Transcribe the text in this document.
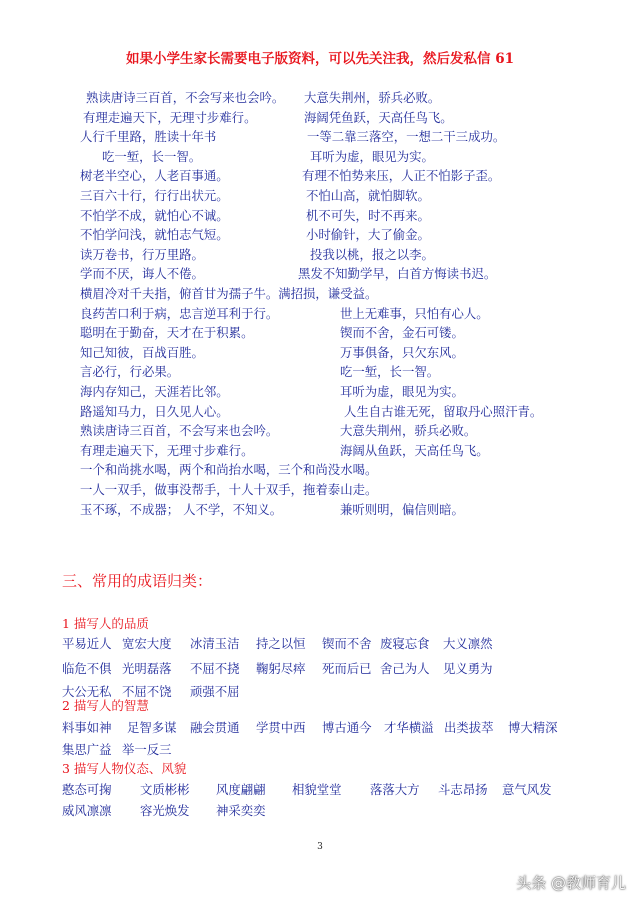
如果小学生家长需要电子版资料，可以先关注我，然后发私信 61
熟读唐诗三百首，不会写来也会吟。 大意失荆州，骄兵必败。
有理走遍天下，无理寸步难行。	海阔凭鱼跃，天高任鸟飞。
人行千里路，胜读十年书	一等二靠三落空，一想二干三成功。
吃一堑，长一智。	耳听为虚，眼见为实。
树老半空心，人老百事通。	有理不怕势来压，人正不怕影子歪。
三百六十行，行行出状元。	不怕山高，就怕脚软。
不怕学不成，就怕心不诚。	机不可失，时不再来。
不怕学问浅，就怕志气短。	小时偷针，大了偷金。
读万卷书，行万里路。	投我以桃，报之以李。
学而不厌，诲人不倦。	黑发不知勤学早，白首方悔读书迟。
横眉冷对千夫指，俯首甘为孺子牛。满招损，谦受益。
良药苦口利于病，忠言逆耳利于行。	世上无难事，只怕有心人。
聪明在于勤奋，天才在于积累。	锲而不舍，金石可镂。
知己知彼，百战百胜。	万事俱备，只欠东风。
言必行，行必果。	吃一堑，长一智。
海内存知己，天涯若比邻。	耳听为虚，眼见为实。
路遥知马力，日久见人心。	人生自古谁无死，留取丹心照汗青。
熟读唐诗三百首，不会写来也会吟。	大意失荆州，骄兵必败。
有理走遍天下，无理寸步难行。	海阔从鱼跃，天高任鸟飞。
一个和尚挑水喝，两个和尚抬水喝，三个和尚没水喝。
一人一双手，做事没帮手，十人十双手，拖着泰山走。
玉不琢，不成器； 人不学，不知义。	兼听则明，偏信则暗。
三、常用的成语归类：
1 描写人的品质
平易近人 宽宏大度 冰清玉洁 持之以恒 锲而不舍 废寝忘食 大义凛然
临危不俱 光明磊落 不屈不挠 鞠躬尽瘁 死而后已 舍己为人 见义勇为
大公无私 不屈不饶 顽强不屈
2 描写人的智慧
料事如神 足智多谋 融会贯通 学贯中西 博古通今 才华横溢 出类拔萃 博大精深
集思广益 举一反三
3 描写人物仪态、风貌
憨态可掬 文质彬彬 风度翩翩 相貌堂堂 落落大方 斗志昂扬 意气风发
威风凛凛 容光焕发 神采奕奕
3
头条 @教师育儿
